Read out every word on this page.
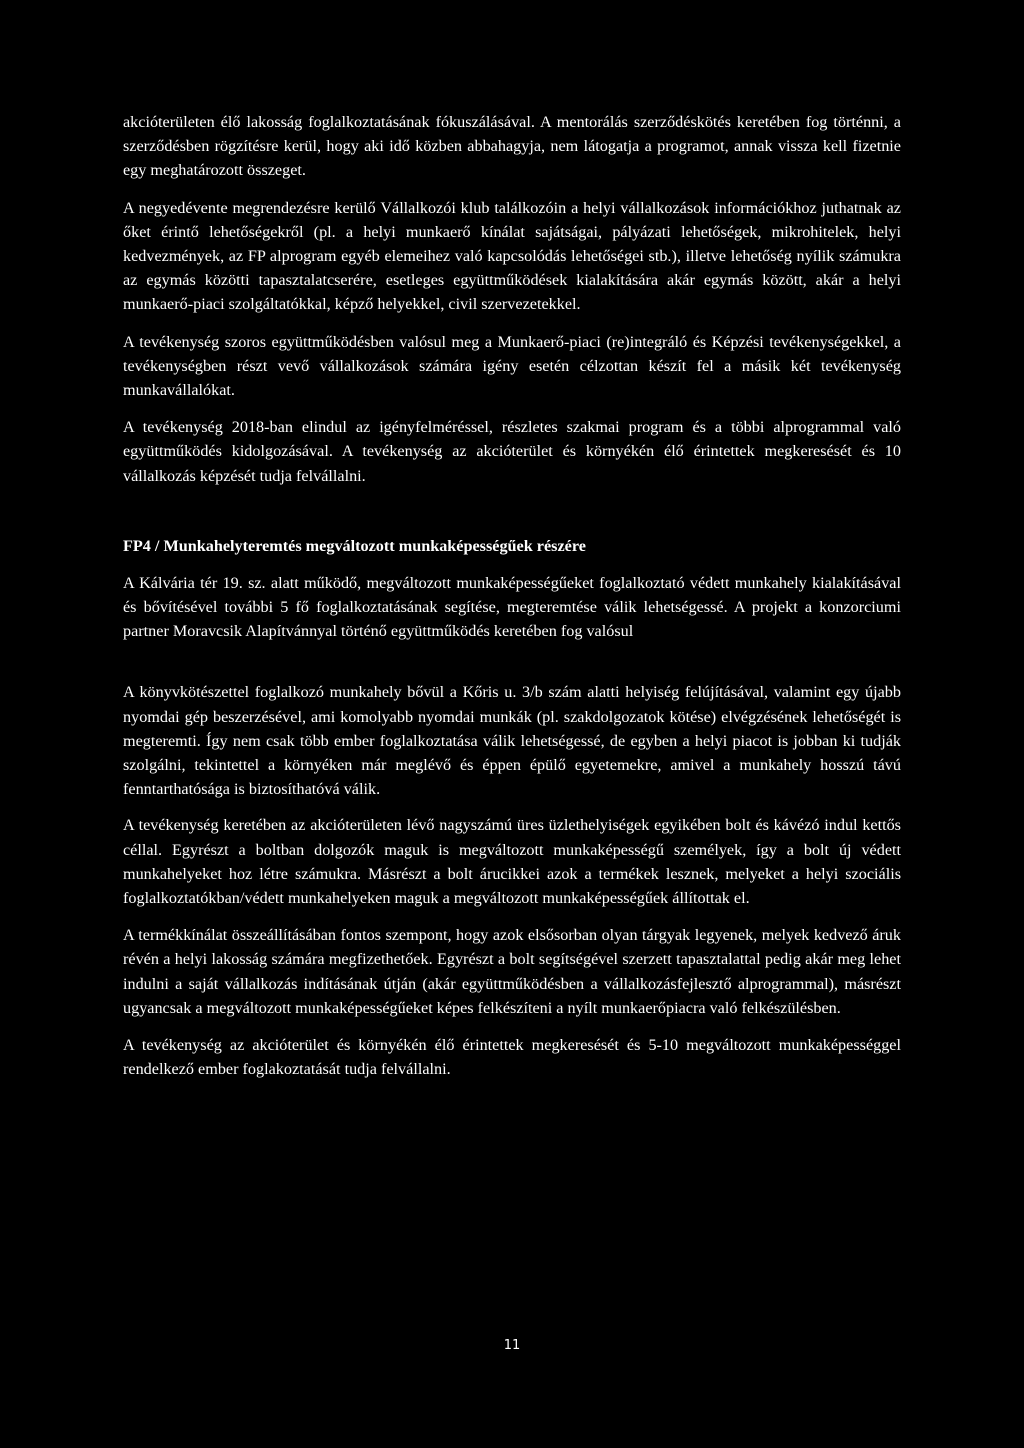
akcióterületen élő lakosság foglalkoztatásának fókuszálásával. A mentorálás szerződéskötés keretében fog történni, a szerződésben rögzítésre kerül, hogy aki idő közben abbahagyja, nem látogatja a programot, annak vissza kell fizetnie egy meghatározott összeget.

A negyedévente megrendezésre kerülő Vállalkozói klub találkozóin a helyi vállalkozások információkhoz juthatnak az őket érintő lehetőségekről (pl. a helyi munkaerő kínálat sajátságai, pályázati lehetőségek, mikrohitelek, helyi kedvezmények, az FP alprogram egyéb elemeihez való kapcsolódás lehetőségei stb.), illetve lehetőség nyílik számukra az egymás közötti tapasztalatcserére, esetleges együttműködések kialakítására akár egymás között, akár a helyi munkaerő-piaci szolgáltatókkal, képző helyekkel, civil szervezetekkel.

A tevékenység szoros együttműködésben valósul meg a Munkaerő-piaci (re)integráló és Képzési tevékenységekkel, a tevékenységben részt vevő vállalkozások számára igény esetén célzottan készít fel a másik két tevékenység munkavállalókat.

A tevékenység 2018-ban elindul az igényfelméréssel, részletes szakmai program és a többi alprogrammal való együttműködés kidolgozásával. A tevékenység az akcióterület és környékén élő érintettek megkeresését és 10 vállalkozás képzését tudja felvállalni.

FP4 / Munkahelyteremtés megváltozott munkaképességűek részére

A Kálvária tér 19. sz. alatt működő, megváltozott munkaképességűeket foglalkoztató védett munkahely kialakításával és bővítésével további 5 fő foglalkoztatásának segítése, megteremtése válik lehetségessé. A projekt a konzorciumi partner Moravcsik Alapítvánnyal történő együttműködés keretében fog valósul

A könyvkötészettel foglalkozó munkahely bővül a Kőris u. 3/b szám alatti helyiség felújításával, valamint egy újabb nyomdai gép beszerzésével, ami komolyabb nyomdai munkák (pl. szakdolgozatok kötése) elvégzésének lehetőségét is megteremti. Így nem csak több ember foglalkoztatása válik lehetségessé, de egyben a helyi piacot is jobban ki tudják szolgálni, tekintettel a környéken már meglévő és éppen épülő egyetemekre, amivel a munkahely hosszú távú fenntarthatósága is biztosíthatóvá válik.

A tevékenység keretében az akcióterületen lévő nagyszámú üres üzlethelyiségek egyikében bolt és kávézó indul kettős céllal. Egyrészt a boltban dolgozók maguk is megváltozott munkaképességű személyek, így a bolt új védett munkahelyeket hoz létre számukra. Másrészt a bolt árucikkei azok a termékek lesznek, melyeket a helyi szociális foglalkoztatókban/védett munkahelyeken maguk a megváltozott munkaképességűek állítottak el.

A termékkínálat összeállításában fontos szempont, hogy azok elsősorban olyan tárgyak legyenek, melyek kedvező áruk révén a helyi lakosság számára megfizethetőek. Egyrészt a bolt segítségével szerzett tapasztalattal pedig akár meg lehet indulni a saját vállalkozás indításának útján (akár együttműködésben a vállalkozásfejlesztő alprogrammal), másrészt ugyancsak a megváltozott munkaképességűeket képes felkészíteni a nyílt munkaerőpiacra való felkészülésben.

A tevékenység az akcióterület és környékén élő érintettek megkeresését és 5-10 megváltozott munkaképességgel rendelkező ember foglakoztatását tudja felvállalni.

11
